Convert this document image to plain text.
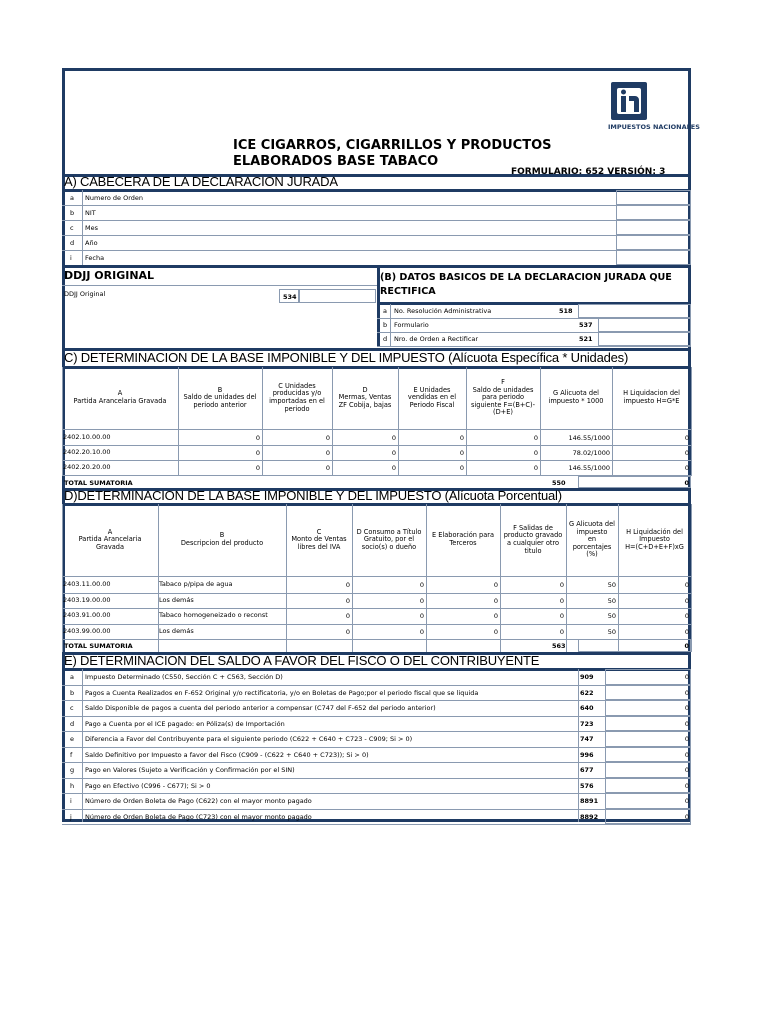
IMPUESTOS NACIONALES
ICE CIGARROS, CIGARRILLOS Y PRODUCTOS
ELABORADOS BASE TABACO
FORMULARIO: 652 VERSIÓN: 3
A) CABECERA DE LA DECLARACION JURADA
a Numero de Orden
b NIT
c Mes
d Año
i Fecha
DDJJ ORIGINAL
DDJJ Original	534
(B) DATOS BASICOS DE LA DECLARACION JURADA QUE
RECTIFICA
a No. Resolución Administrativa	518
b Formulario	537
d Nro. de Orden a Rectificar	521
C) DETERMINACION DE LA BASE IMPONIBLE Y DEL IMPUESTO (Alícuota Específica * Unidades)
A
Partida Arancelaria Gravada
B
Saldo de unidades del
periodo anterior
C Unidades
producidas y/o
importadas en el
periodo
D
Mermas, Ventas
ZF Cobija, bajas
E Unidades
vendidas en el
Periodo Fiscal
F
Saldo de unidades
para periodo
siguiente F=(B+C)-
(D+E)
G Alicuota del
impuesto * 1000
H Liquidacion del
impuesto H=G*E
2402.10.00.00	0	0	0	0	0	146.55/1000	0
2402.20.10.00	0	0	0	0	0	78.02/1000	0
2402.20.20.00	0	0	0	0	0	146.55/1000	0
TOTAL SUMATORIA	550	0
D)DETERMINACION DE LA BASE IMPONIBLE Y DEL IMPUESTO (Alícuota Porcentual)
A
Partida Arancelaria
Gravada
B
Descripcion del producto
C
Monto de Ventas
libres del IVA
D Consumo a Título
Gratuito, por el
socio(s) o dueño
E Elaboración para
Terceros
F Salidas de
producto gravado
a cualquier otro
titulo
G Alicuota del
impuesto
en
porcentajes
(%)
H Liquidación del
Impuesto
H=(C+D+E+F)xG
2403.11.00.00	Tabaco p/pipa de agua	0	0	0	0	50	0
2403.19.00.00	Los demás	0	0	0	0	50	0
2403.91.00.00	Tabaco homogeneizado o reconst	0	0	0	0	50	0
2403.99.00.00	Los demás	0	0	0	0	50	0
TOTAL SUMATORIA	563	0
E) DETERMINACION DEL SALDO A FAVOR DEL FISCO O DEL CONTRIBUYENTE
a Impuesto Determinado (C550, Sección C + C563, Sección D)	909	0
b Pagos a Cuenta Realizados en F-652 Original y/o rectificatoria, y/o en Boletas de Pago;por el periodo fiscal que se liquida	622	0
c Saldo Disponible de pagos a cuenta del periodo anterior a compensar (C747 del F-652 del periodo anterior)	640	0
d Pago a Cuenta por el ICE pagado: en Póliza(s) de Importación	723	0
e Diferencia a Favor del Contribuyente para el siguiente periodo (C622 + C640 + C723 - C909; Si > 0)	747	0
f Saldo Definitivo por Impuesto a favor del Fisco (C909 - (C622 + C640 + C723)); Si > 0)	996	0
g Pago en Valores (Sujeto a Verificación y Confirmación por el SIN)	677	0
h Pago en Efectivo (C996 - C677); Si > 0	576	0
i Número de Orden Boleta de Pago (C622) con el mayor monto pagado	8891	0
j Número de Orden Boleta de Pago (C723) con el mayor monto pagado	8892	0
